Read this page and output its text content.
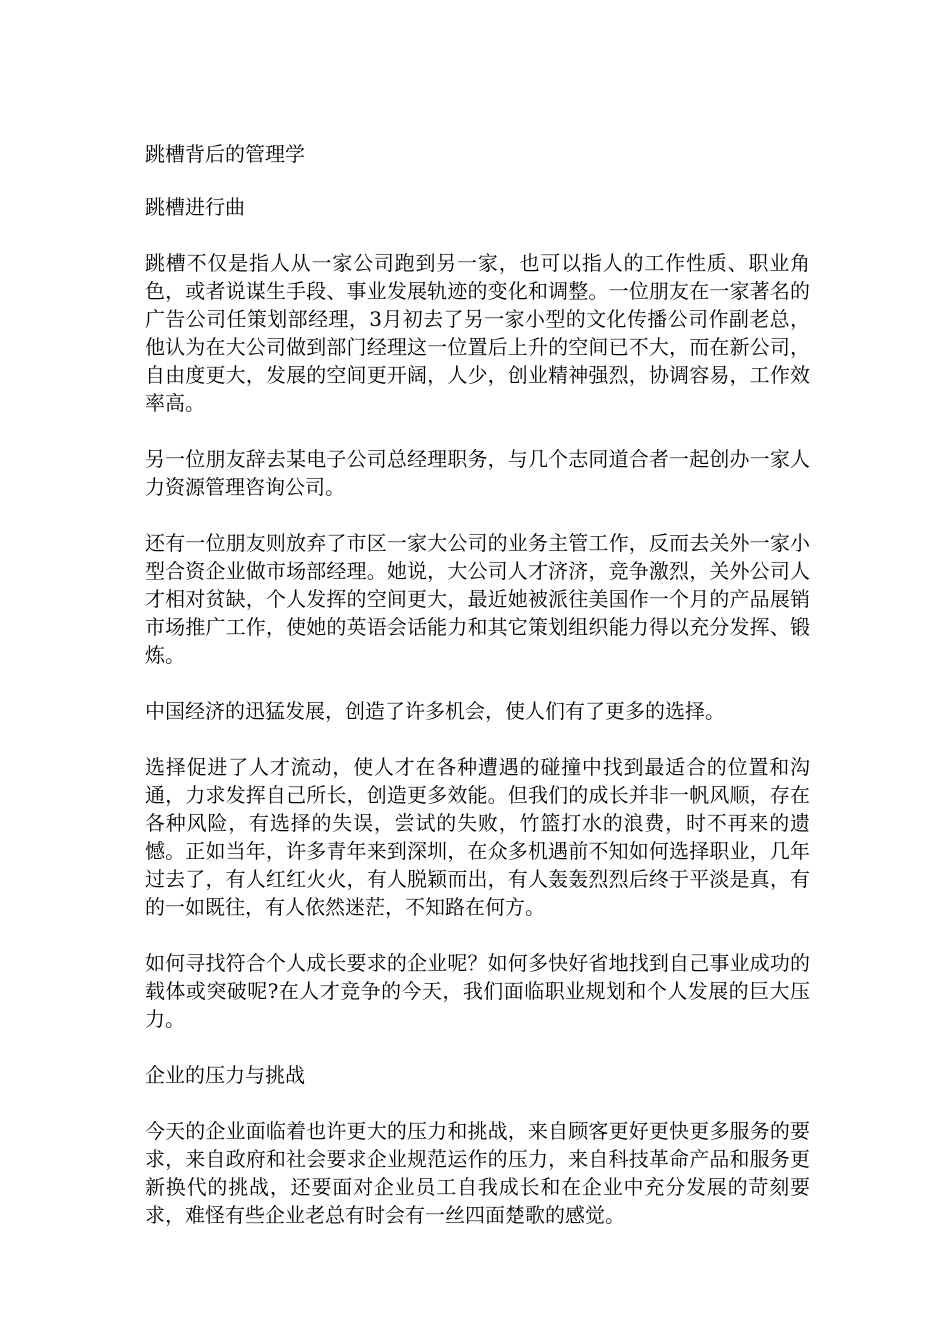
跳槽背后的管理学

跳槽进行曲

跳槽不仅是指人从一家公司跑到另一家，也可以指人的工作性质、职业角色，或者说谋生手段、事业发展轨迹的变化和调整。一位朋友在一家著名的广告公司任策划部经理，3月初去了另一家小型的文化传播公司作副老总，他认为在大公司做到部门经理这一位置后上升的空间已不大，而在新公司，自由度更大，发展的空间更开阔，人少，创业精神强烈，协调容易，工作效率高。

另一位朋友辞去某电子公司总经理职务，与几个志同道合者一起创办一家人力资源管理咨询公司。

还有一位朋友则放弃了市区一家大公司的业务主管工作，反而去关外一家小型合资企业做市场部经理。她说，大公司人才济济，竞争激烈，关外公司人才相对贫缺，个人发挥的空间更大，最近她被派往美国作一个月的产品展销市场推广工作，使她的英语会话能力和其它策划组织能力得以充分发挥、锻炼。

中国经济的迅猛发展，创造了许多机会，使人们有了更多的选择。

选择促进了人才流动，使人才在各种遭遇的碰撞中找到最适合的位置和沟通，力求发挥自己所长，创造更多效能。但我们的成长并非一帆风顺，存在各种风险，有选择的失误，尝试的失败，竹篮打水的浪费，时不再来的遗憾。正如当年，许多青年来到深圳，在众多机遇前不知如何选择职业，几年过去了，有人红红火火，有人脱颖而出，有人轰轰烈烈后终于平淡是真，有的一如既往，有人依然迷茫，不知路在何方。

如何寻找符合个人成长要求的企业呢？如何多快好省地找到自己事业成功的载体或突破呢?在人才竞争的今天，我们面临职业规划和个人发展的巨大压力。

企业的压力与挑战

今天的企业面临着也许更大的压力和挑战，来自顾客更好更快更多服务的要求，来自政府和社会要求企业规范运作的压力，来自科技革命产品和服务更新换代的挑战，还要面对企业员工自我成长和在企业中充分发展的苛刻要求，难怪有些企业老总有时会有一丝四面楚歌的感觉。
